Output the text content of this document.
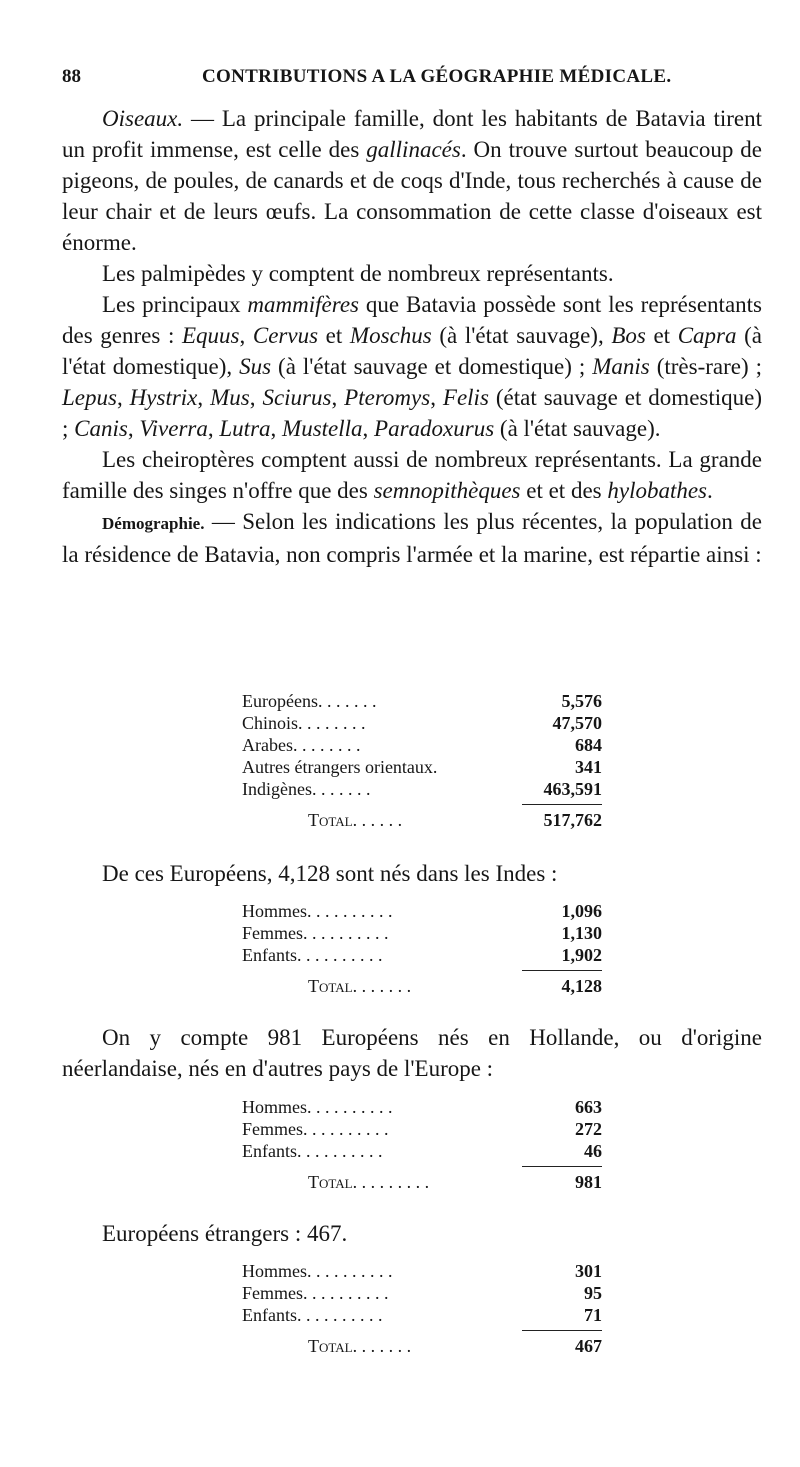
88	CONTRIBUTIONS A LA GÉOGRAPHIE MÉDICALE.

Oiseaux. — La principale famille, dont les habitants de Batavia tirent un profit immense, est celle des gallinacés. On trouve surtout beaucoup de pigeons, de poules, de canards et de coqs d'Inde, tous recherchés à cause de leur chair et de leurs œufs. La consommation de cette classe d'oiseaux est énorme.

Les palmipèdes y comptent de nombreux représentants.

Les principaux mammifères que Batavia possède sont les représentants des genres : Equus, Cervus et Moschus (à l'état sauvage), Bos et Capra (à l'état domestique), Sus (à l'état sauvage et domestique) ; Manis (très-rare) ; Lepus, Hystrix, Mus, Sciurus, Pteromys, Felis (état sauvage et domestique) ; Canis, Viverra, Lutra, Mustella, Paradoxurus (à l'état sauvage).

Les cheiroptères comptent aussi de nombreux représentants. La grande famille des singes n'offre que des semnopithèques et et des hylobathes.

Démographie. — Selon les indications les plus récentes, la population de la résidence de Batavia, non compris l'armée et la marine, est répartie ainsi :

Européens. . . . . . .	5,576
Chinois. . . . . . . .	47,570
Arabes. . . . . . . .	684
Autres étrangers orientaux.	341
Indigènes. . . . . . .	463,591
Total. . . . . .	517,762

De ces Européens, 4,128 sont nés dans les Indes :

Hommes. . . . . . . . . .	1,096
Femmes. . . . . . . . . .	1,130
Enfants. . . . . . . . . .	1,902
Total. . . . . . .	4,128

On y compte 981 Européens nés en Hollande, ou d'origine néerlandaise, nés en d'autres pays de l'Europe :

Hommes. . . . . . . . . .	663
Femmes. . . . . . . . . .	272
Enfants. . . . . . . . . .	46
Total. . . . . . . . .	981

Européens étrangers : 467.

Hommes. . . . . . . . . .	301
Femmes. . . . . . . . . .	95
Enfants. . . . . . . . . .	71
Total. . . . . . .	467
